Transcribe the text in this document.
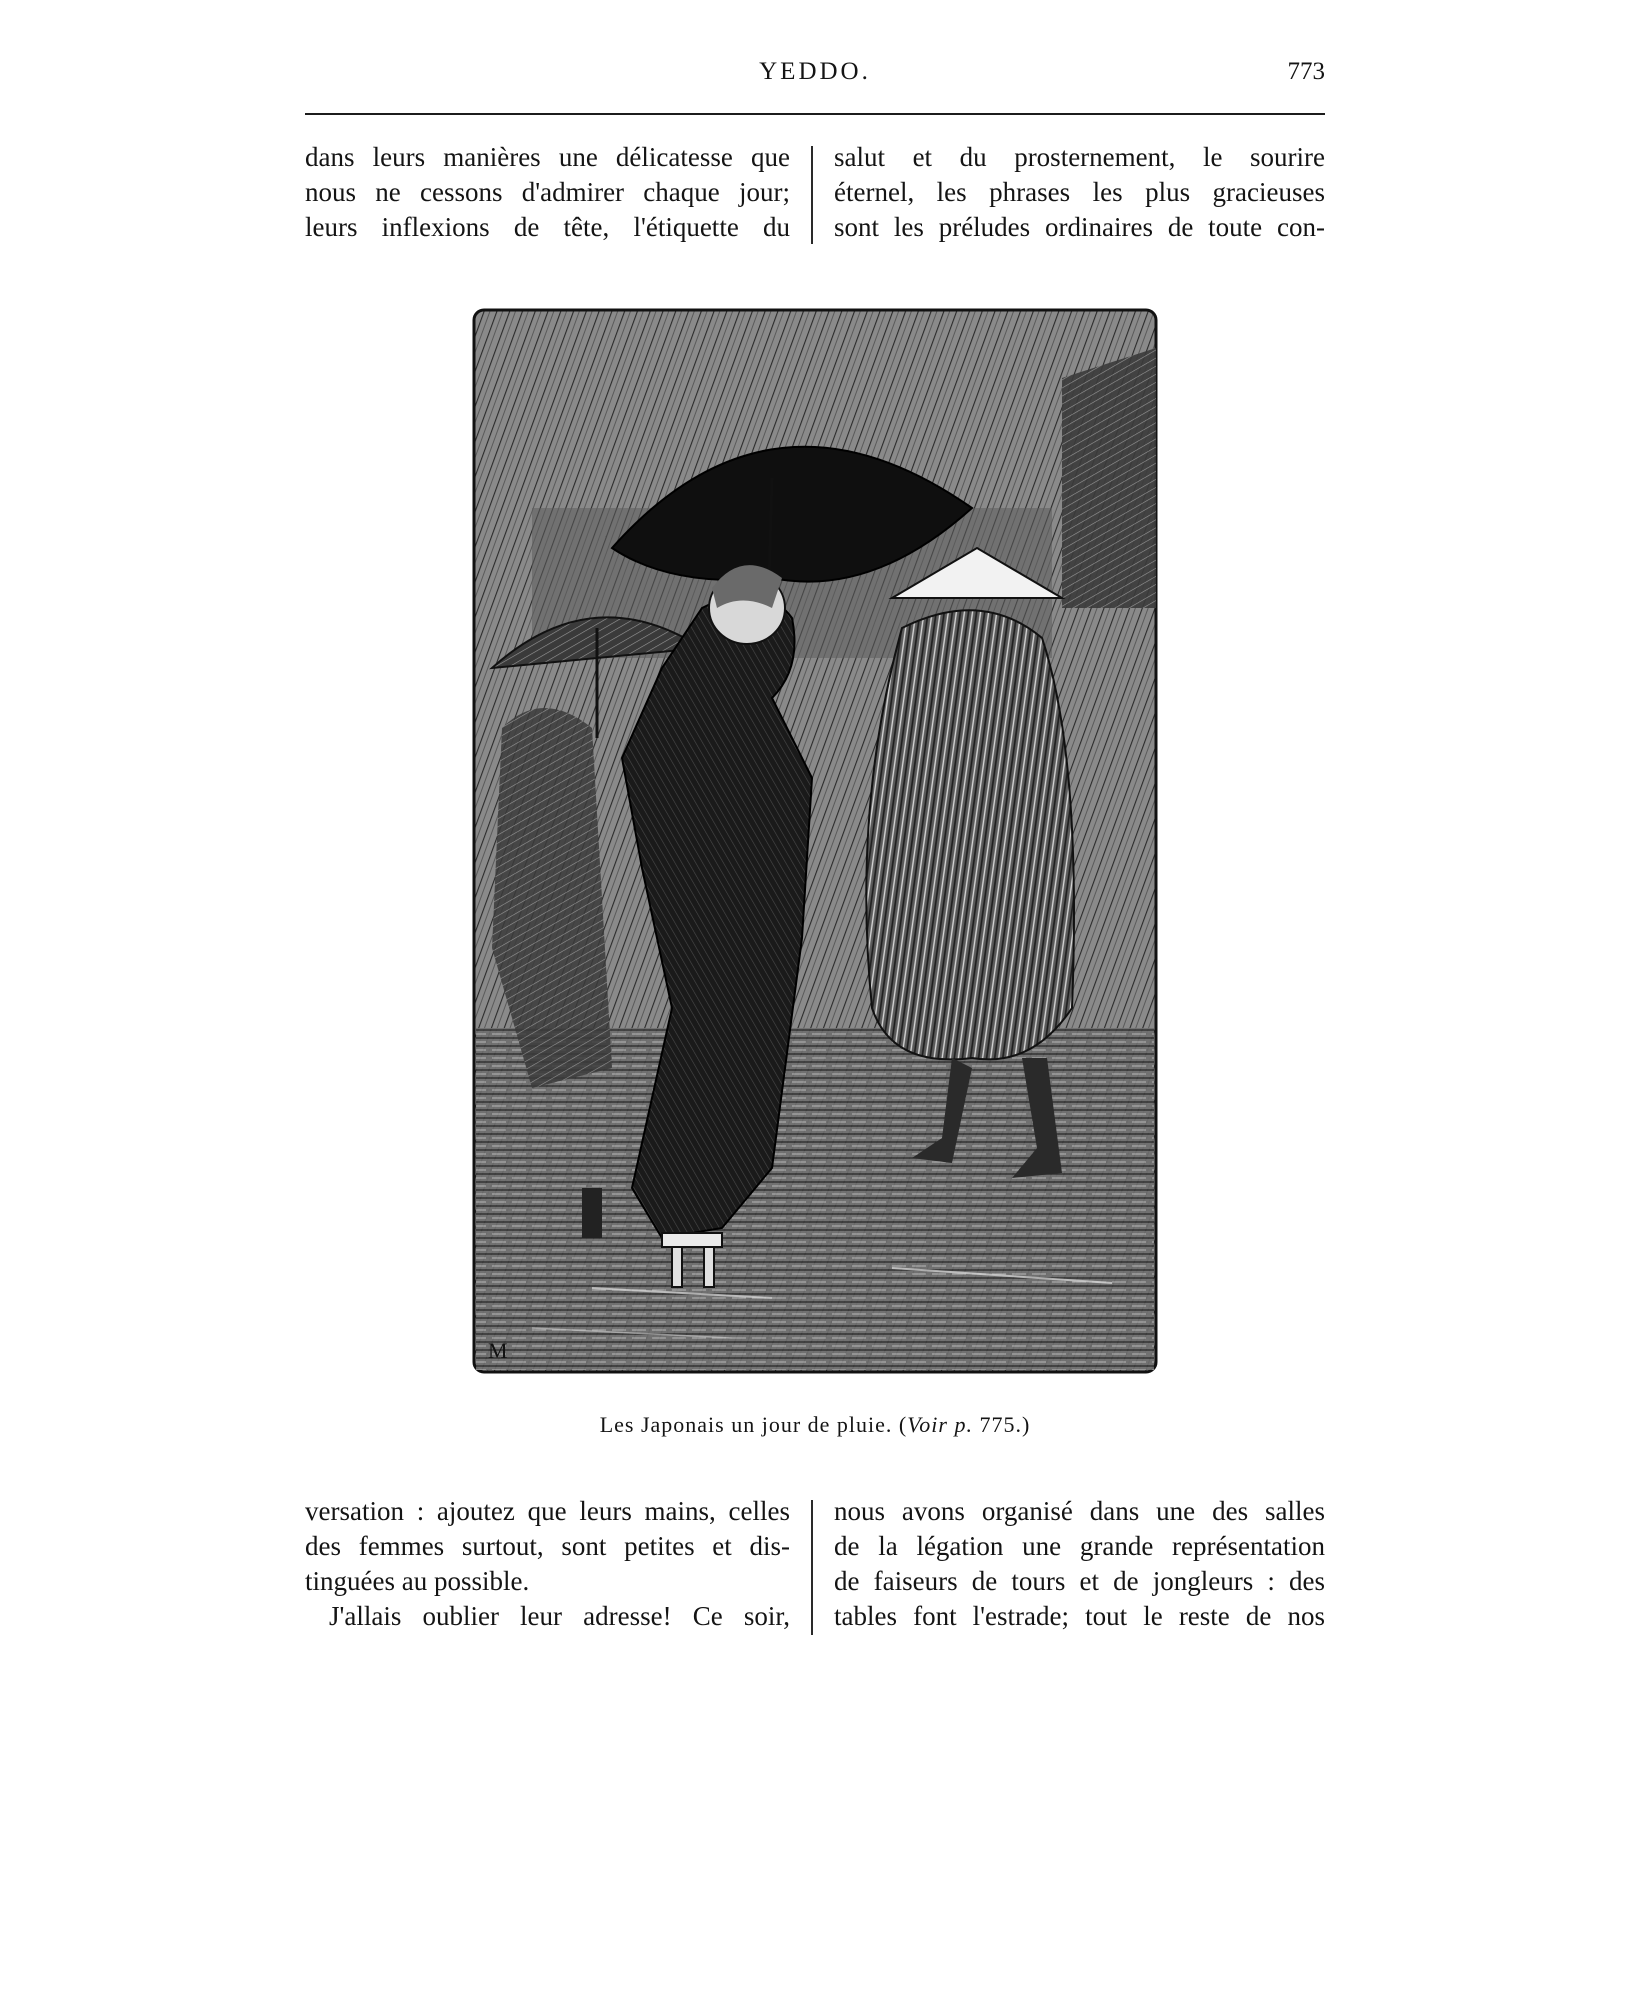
YEDDO.	773
dans leurs manières une délicatesse que
nous ne cessons d'admirer chaque jour;
leurs inflexions de tête, l'étiquette du
salut et du prosternement, le sourire
éternel, les phrases les plus gracieuses
sont les préludes ordinaires de toute con-
M
Les Japonais un jour de pluie. (Voir p. 775.)
versation : ajoutez que leurs mains, celles
des femmes surtout, sont petites et dis-
tinguées au possible.
J'allais oublier leur adresse! Ce soir,
nous avons organisé dans une des salles
de la légation une grande représentation
de faiseurs de tours et de jongleurs : des
tables font l'estrade; tout le reste de nos
